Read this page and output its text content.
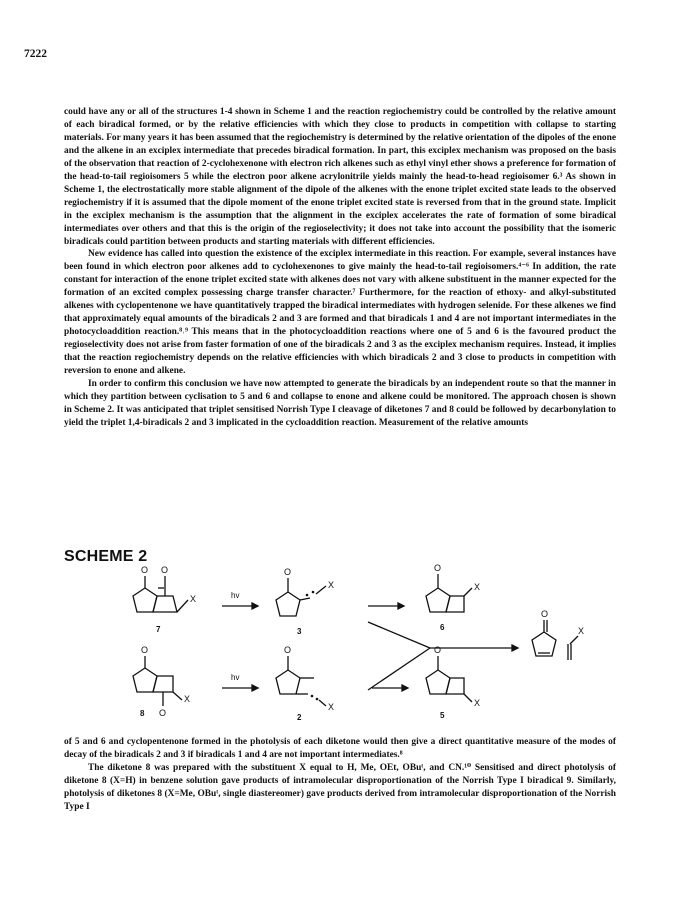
7222

could have any or all of the structures 1-4 shown in Scheme 1 and the reaction regiochemistry could be controlled by the relative amount of each biradical formed, or by the relative efficiencies with which they close to products in competition with collapse to starting materials. For many years it has been assumed that the regiochemistry is determined by the relative orientation of the dipoles of the enone and the alkene in an exciplex intermediate that precedes biradical formation. In part, this exciplex mechanism was proposed on the basis of the observation that reaction of 2-cyclohexenone with electron rich alkenes such as ethyl vinyl ether shows a preference for formation of the head-to-tail regioisomers 5 while the electron poor alkene acrylonitrile yields mainly the head-to-head regioisomer 6.³ As shown in Scheme 1, the electrostatically more stable alignment of the dipole of the alkenes with the enone triplet excited state leads to the observed regiochemistry if it is assumed that the dipole moment of the enone triplet excited state is reversed from that in the ground state. Implicit in the exciplex mechanism is the assumption that the alignment in the exciplex accelerates the rate of formation of some biradical intermediates over others and that this is the origin of the regioselectivity; it does not take into account the possibility that the isomeric biradicals could partition between products and starting materials with different efficiencies.

New evidence has called into question the existence of the exciplex intermediate in this reaction. For example, several instances have been found in which electron poor alkenes add to cyclohexenones to give mainly the head-to-tail regioisomers.⁴⁻⁶ In addition, the rate constant for interaction of the enone triplet excited state with alkenes does not vary with alkene substituent in the manner expected for the formation of an excited complex possessing charge transfer character.⁷ Furthermore, for the reaction of ethoxy- and alkyl-substituted alkenes with cyclopentenone we have quantitatively trapped the biradical intermediates with hydrogen selenide. For these alkenes we find that approximately equal amounts of the biradicals 2 and 3 are formed and that biradicals 1 and 4 are not important intermediates in the photocycloaddition reaction.⁸˒⁹ This means that in the photocycloaddition reactions where one of 5 and 6 is the favoured product the regioselectivity does not arise from faster formation of one of the biradicals 2 and 3 as the exciplex mechanism requires. Instead, it implies that the reaction regiochemistry depends on the relative efficiencies with which biradicals 2 and 3 close to products in competition with reversion to enone and alkene.

In order to confirm this conclusion we have now attempted to generate the biradicals by an independent route so that the manner in which they partition between cyclisation to 5 and 6 and collapse to enone and alkene could be monitored. The approach chosen is shown in Scheme 2. It was anticipated that triplet sensitised Norrish Type I cleavage of diketones 7 and 8 could be followed by decarbonylation to yield the triplet 1,4-biradicals 2 and 3 implicated in the cycloaddition reaction. Measurement of the relative amounts

SCHEME 2
O O
X
7
hv
O
X
3
O
X
6
O
X
O
O
X
8
hv
O
X
2
O
X
5

of 5 and 6 and cyclopentenone formed in the photolysis of each diketone would then give a direct quantitative measure of the modes of decay of the biradicals 2 and 3 if biradicals 1 and 4 are not important intermediates.⁸

The diketone 8 was prepared with the substituent X equal to H, Me, OEt, OBuᵗ, and CN.¹⁰ Sensitised and direct photolysis of diketone 8 (X=H) in benzene solution gave products of intramolecular disproportionation of the Norrish Type I biradical 9. Similarly, photolysis of diketones 8 (X=Me, OBuᵗ, single diastereomer) gave products derived from intramolecular disproportionation of the Norrish Type I
